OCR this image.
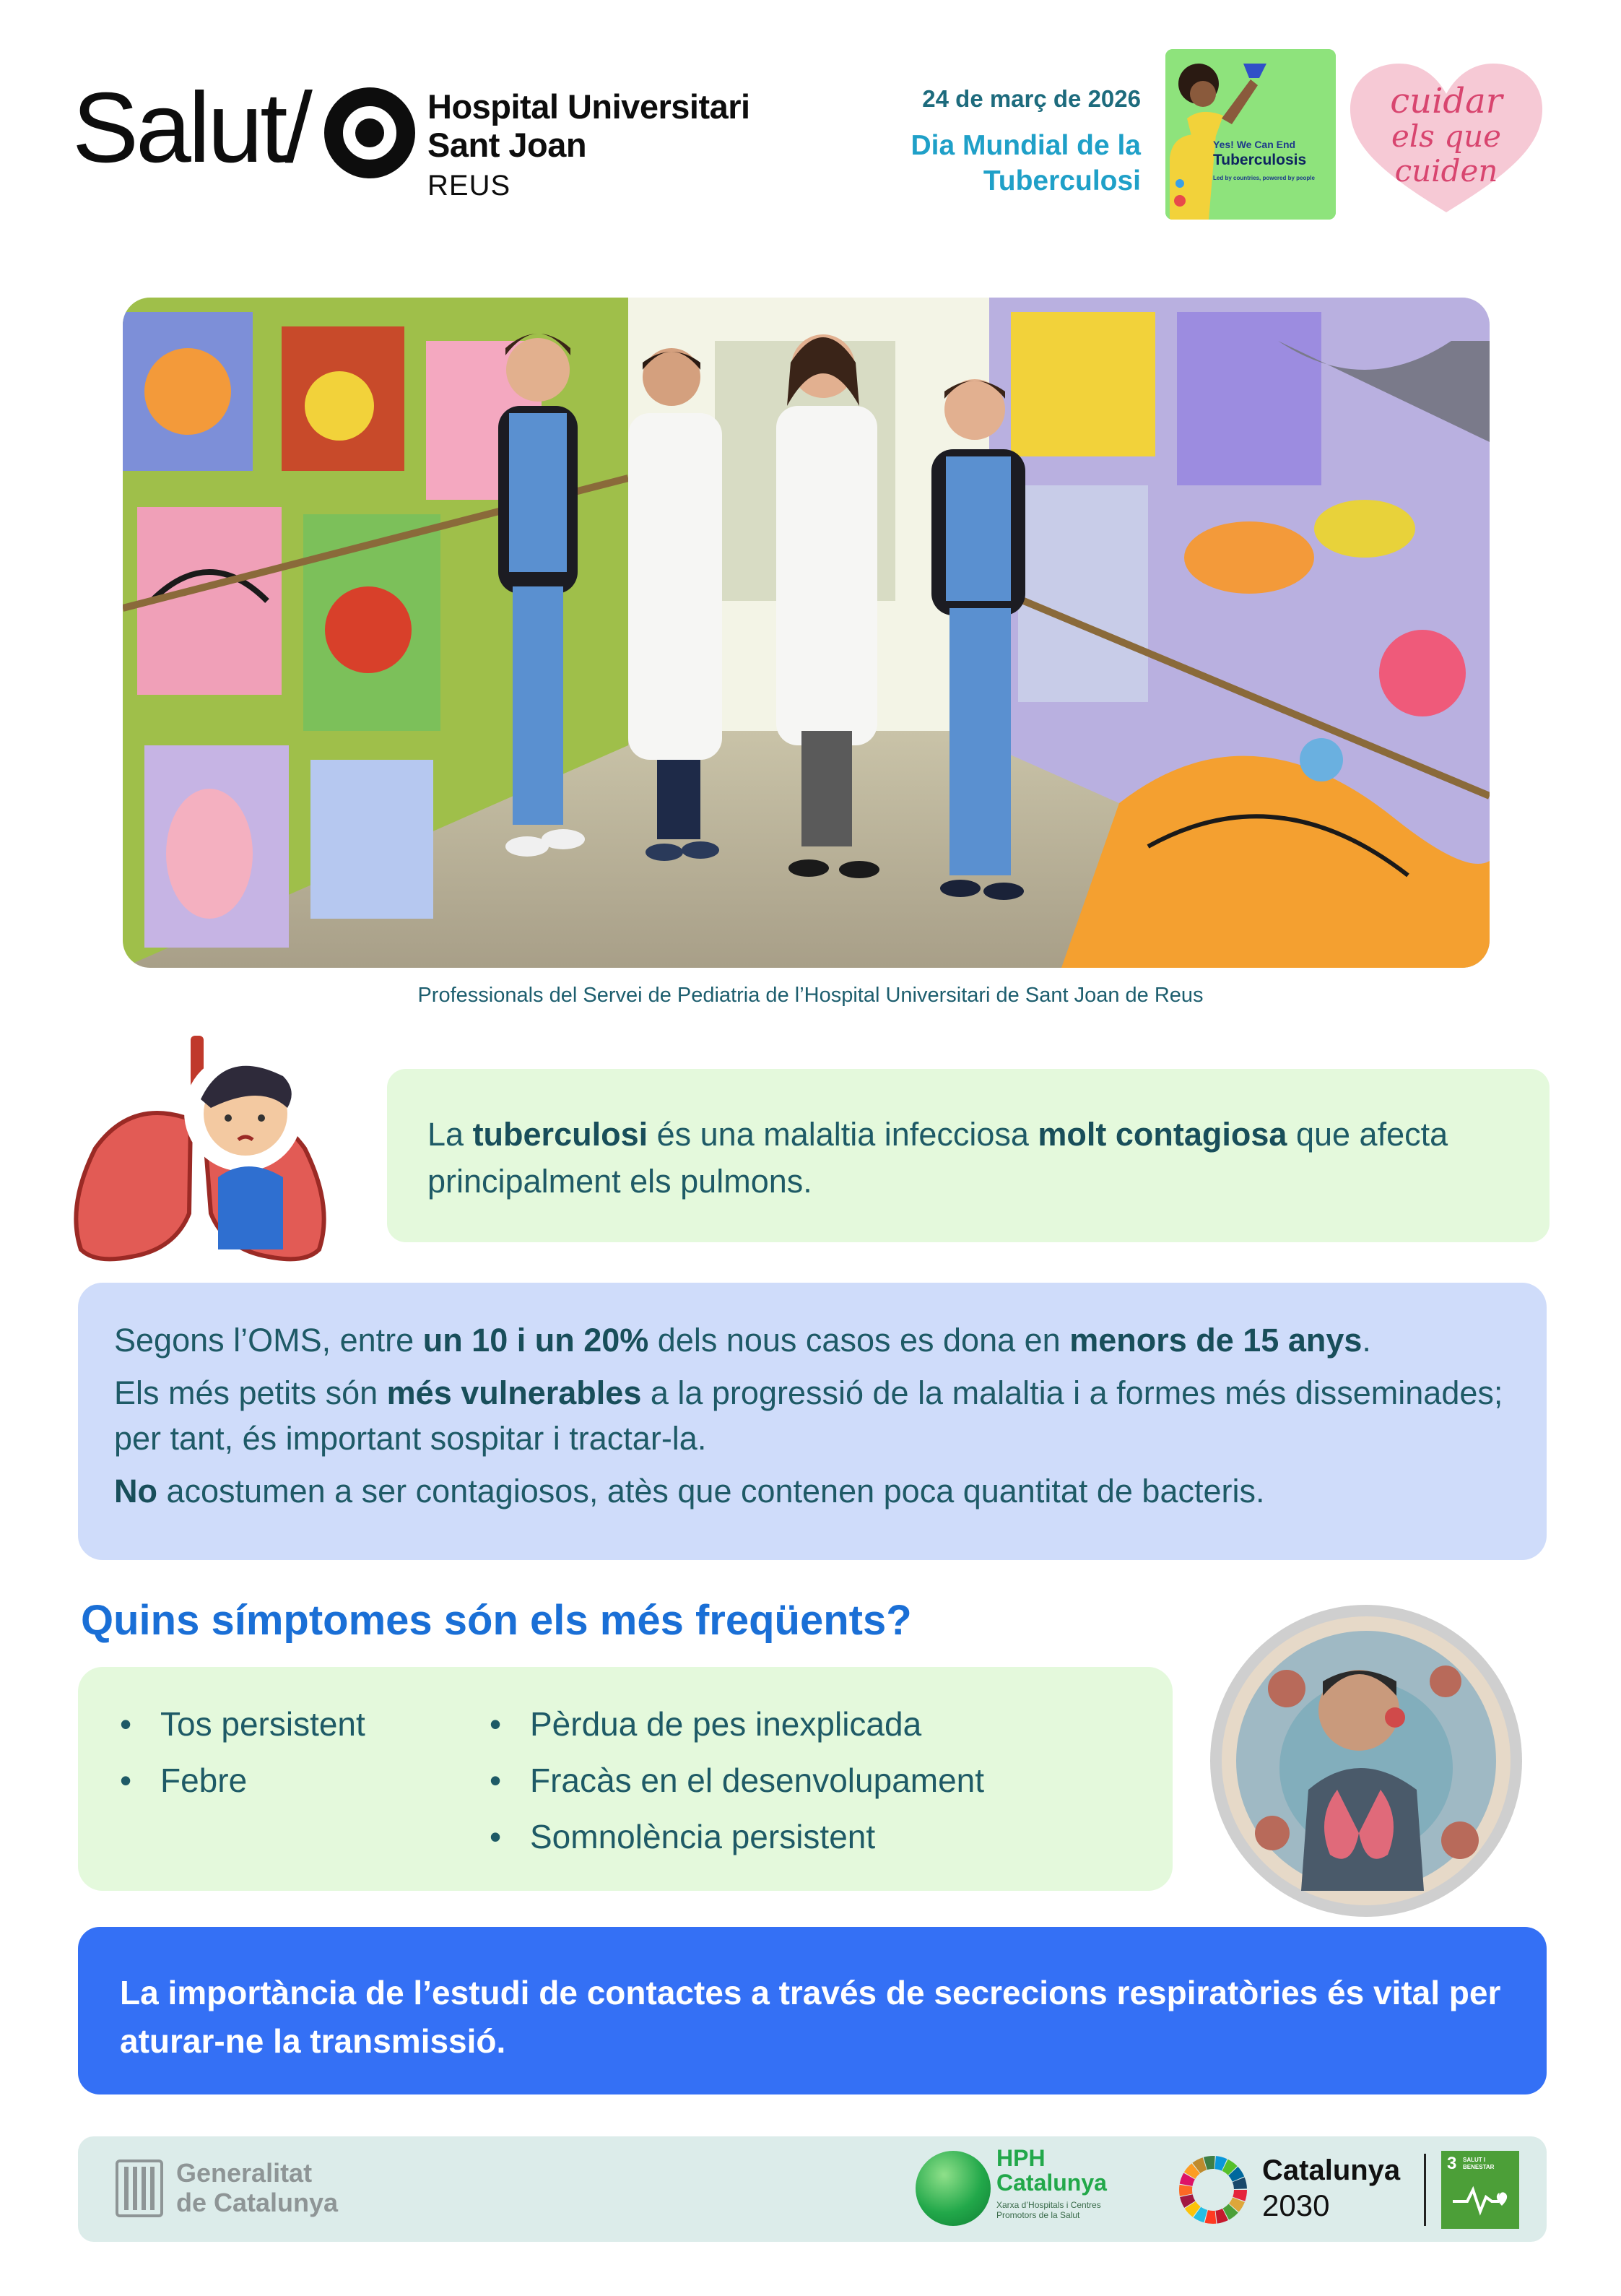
Salut/	Hospital Universitari
Sant Joan
REUS
24 de març de 2026
Dia Mundial de la
Tuberculosi
Yes! We Can End
Tuberculosis
Led by countries, powered by people
cuidar
els que
cuiden
Professionals del Servei de Pediatria de l’Hospital Universitari de Sant Joan de Reus
La tuberculosi és una malaltia infecciosa molt contagiosa que afecta principalment els pulmons.

Segons l’OMS, entre un 10 i un 20% dels nous casos es dona en menors de 15 anys.

Els més petits són més vulnerables a la progressió de la malaltia i a formes més disseminades; per tant, és important sospitar i tractar-la.

No acostumen a ser contagiosos, atès que contenen poca quantitat de bacteris.

Quins símptomes són els més freqüents?
• Tos persistent
• Febre
• Pèrdua de pes inexplicada
• Fracàs en el desenvolupament
• Somnolència persistent
La importància de l’estudi de contactes a través de secrecions respiratòries és vital per aturar-ne la transmissió.
Generalitat
de Catalunya
HPH
Catalunya
Xarxa d’Hospitals i Centres Promotors de la Salut
Catalunya
2030
3 SALUT I BENESTAR
